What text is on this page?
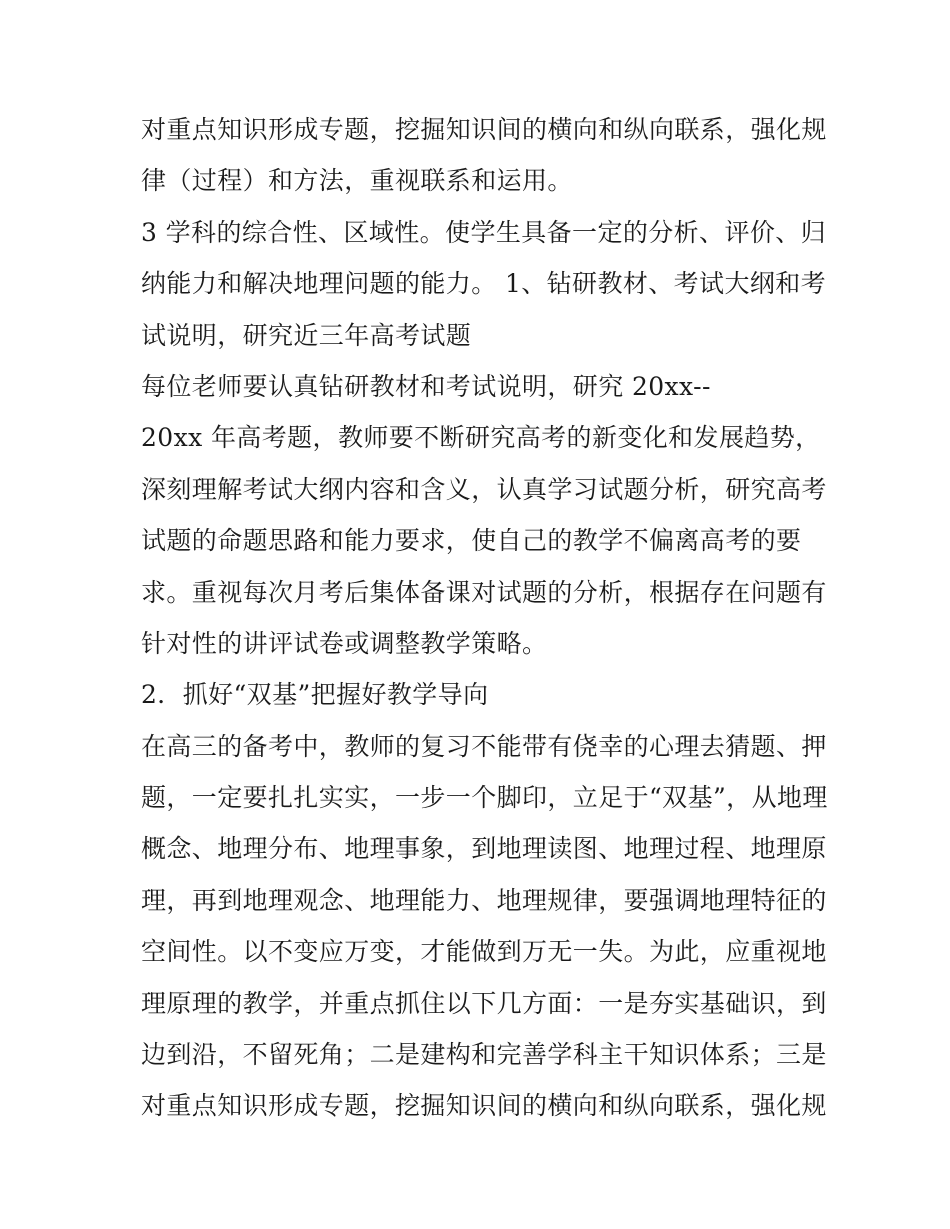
对重点知识形成专题，挖掘知识间的横向和纵向联系，强化规
律（过程）和方法，重视联系和运用。
3 学科的综合性、区域性。使学生具备一定的分析、评价、归
纳能力和解决地理问题的能力。 1、钻研教材、考试大纲和考
试说明，研究近三年高考试题
每位老师要认真钻研教材和考试说明，研究 20xx--
20xx 年高考题，教师要不断研究高考的新变化和发展趋势，
深刻理解考试大纲内容和含义，认真学习试题分析，研究高考
试题的命题思路和能力要求，使自己的教学不偏离高考的要
求。重视每次月考后集体备课对试题的分析，根据存在问题有
针对性的讲评试卷或调整教学策略。
2．抓好“双基”把握好教学导向
在高三的备考中，教师的复习不能带有侥幸的心理去猜题、押
题，一定要扎扎实实，一步一个脚印，立足于“双基”，从地理
概念、地理分布、地理事象，到地理读图、地理过程、地理原
理，再到地理观念、地理能力、地理规律，要强调地理特征的
空间性。以不变应万变，才能做到万无一失。为此，应重视地
理原理的教学，并重点抓住以下几方面：一是夯实基础识，到
边到沿，不留死角；二是建构和完善学科主干知识体系；三是
对重点知识形成专题，挖掘知识间的横向和纵向联系，强化规
